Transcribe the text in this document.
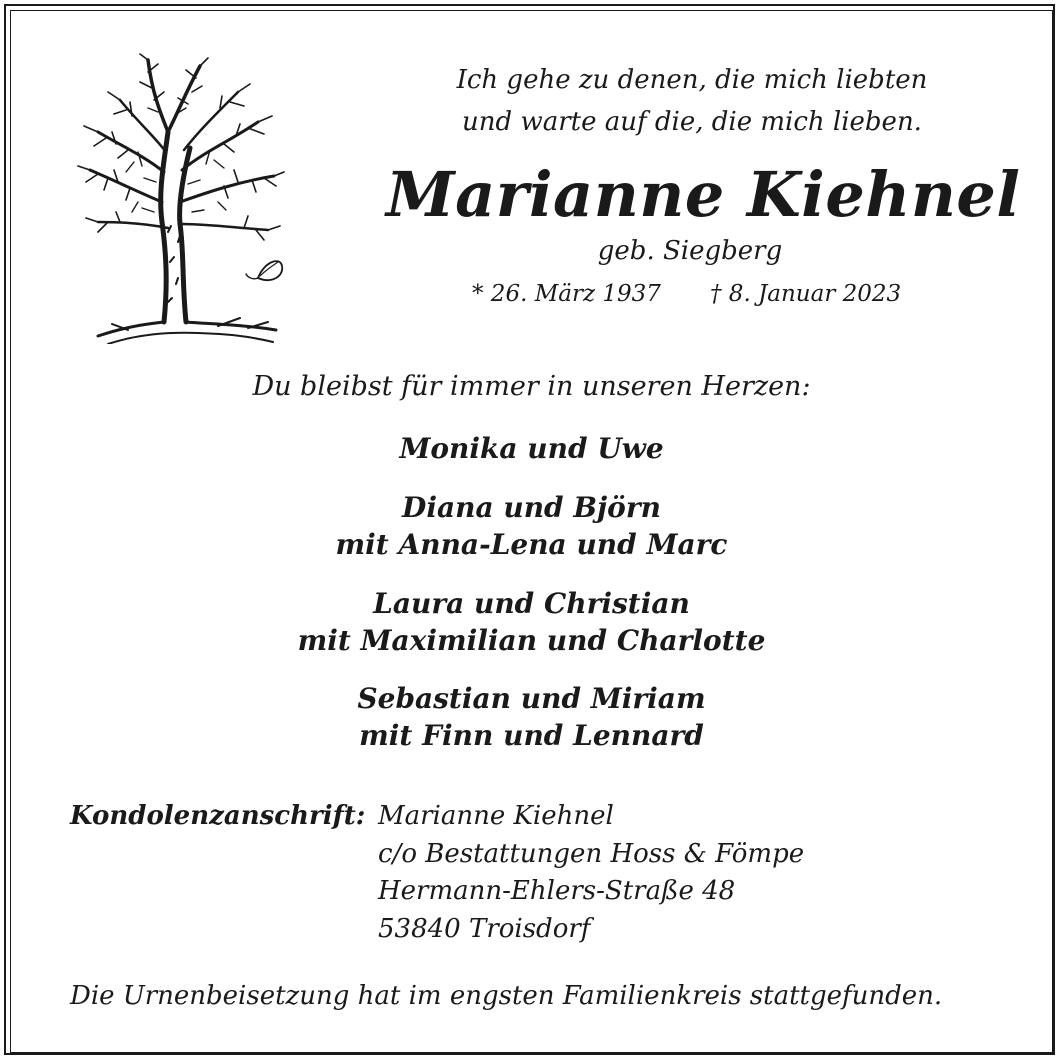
Ich gehe zu denen, die mich liebten
und warte auf die, die mich lieben.
Marianne Kiehnel
geb. Siegberg
* 26. März 1937 † 8. Januar 2023
Du bleibst für immer in unseren Herzen:
Monika und Uwe
Diana und Björn
mit Anna-Lena und Marc
Laura und Christian
mit Maximilian und Charlotte
Sebastian und Miriam
mit Finn und Lennard
Kondolenzanschrift: Marianne Kiehnel
c/o Bestattungen Hoss & Fömpe
Hermann-Ehlers-Straße 48
53840 Troisdorf
Die Urnenbeisetzung hat im engsten Familienkreis stattgefunden.
